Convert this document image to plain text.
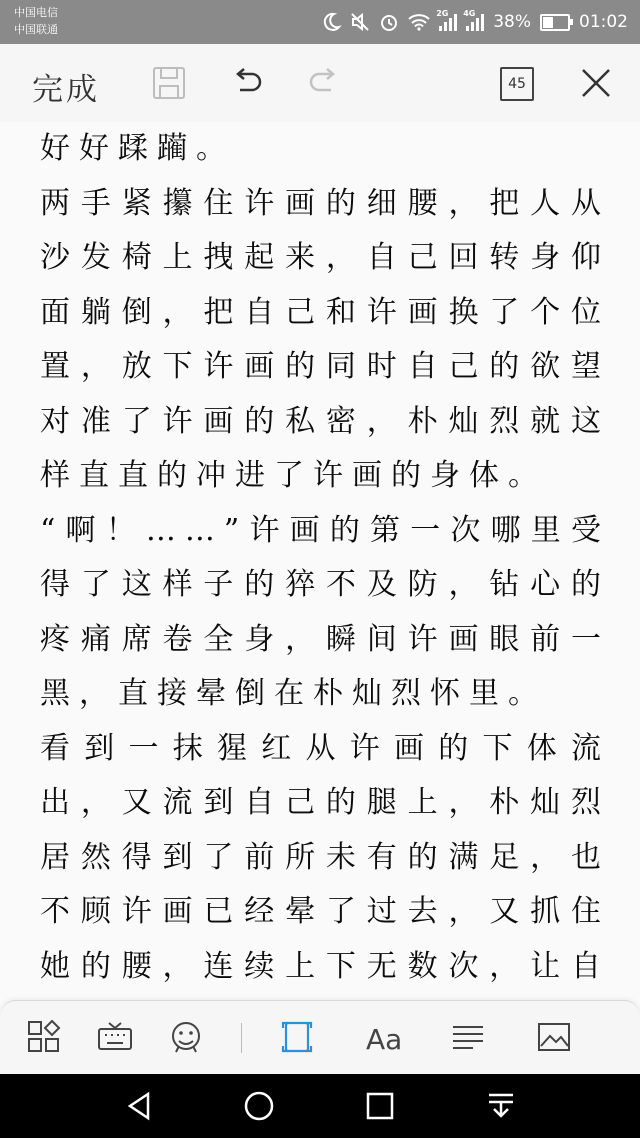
中国电信
中国联通
2G 4G 38%	01:02
完成	45

好好蹂躏。

两手紧攥住许画的细腰，把人从沙发椅上拽起来，自己回转身仰面躺倒，把自己和许画换了个位置，放下许画的同时自己的欲望对准了许画的私密，朴灿烈就这样直直的冲进了许画的身体。

“啊！……”许画的第一次哪里受得了这样子的猝不及防，钻心的疼痛席卷全身，瞬间许画眼前一黑，直接晕倒在朴灿烈怀里。

看到一抹猩红从许画的下体流出，又流到自己的腿上，朴灿烈居然得到了前所未有的满足，也不顾许画已经晕了过去，又抓住她的腰，连续上下无数次，让自

Aa
